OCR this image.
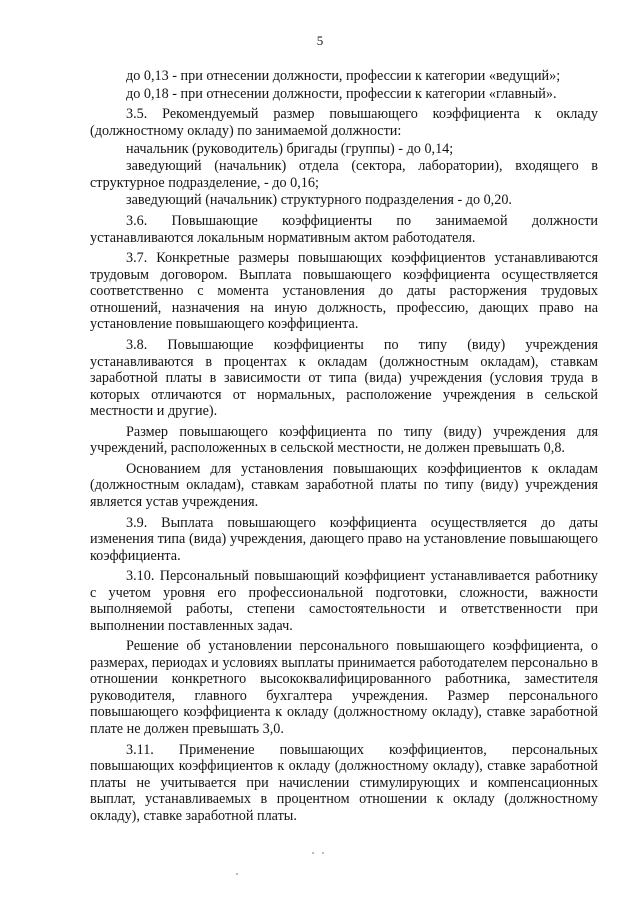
5

до 0,13 - при отнесении должности, профессии к категории «ведущий»;

до 0,18 - при отнесении должности, профессии к категории «главный».

3.5. Рекомендуемый размер повышающего коэффициента к окладу (должностному окладу) по занимаемой должности:

начальник (руководитель) бригады (группы) - до 0,14;

заведующий (начальник) отдела (сектора, лаборатории), входящего в структурное подразделение, - до 0,16;

заведующий (начальник) структурного подразделения - до 0,20.

3.6. Повышающие коэффициенты по занимаемой должности устанавливаются локальным нормативным актом работодателя.

3.7. Конкретные размеры повышающих коэффициентов устанавливаются трудовым договором. Выплата повышающего коэффициента осуществляется соответственно с момента установления до даты расторжения трудовых отношений, назначения на иную должность, профессию, дающих право на установление повышающего коэффициента.

3.8. Повышающие коэффициенты по типу (виду) учреждения устанавливаются в процентах к окладам (должностным окладам), ставкам заработной платы в зависимости от типа (вида) учреждения (условия труда в которых отличаются от нормальных, расположение учреждения в сельской местности и другие).

Размер повышающего коэффициента по типу (виду) учреждения для учреждений, расположенных в сельской местности, не должен превышать 0,8.

Основанием для установления повышающих коэффициентов к окладам (должностным окладам), ставкам заработной платы по типу (виду) учреждения является устав учреждения.

3.9. Выплата повышающего коэффициента осуществляется до даты изменения типа (вида) учреждения, дающего право на установление повышающего коэффициента.

3.10. Персональный повышающий коэффициент устанавливается работнику с учетом уровня его профессиональной подготовки, сложности, важности выполняемой работы, степени самостоятельности и ответственности при выполнении поставленных задач.

Решение об установлении персонального повышающего коэффициента, о размерах, периодах и условиях выплаты принимается работодателем персонально в отношении конкретного высококвалифицированного работника, заместителя руководителя, главного бухгалтера учреждения. Размер персонального повышающего коэффициента к окладу (должностному окладу), ставке заработной плате не должен превышать 3,0.

3.11. Применение повышающих коэффициентов, персональных повышающих коэффициентов к окладу (должностному окладу), ставке заработной платы не учитывается при начислении стимулирующих и компенсационных выплат, устанавливаемых в процентном отношении к окладу (должностному окладу), ставке заработной платы.
